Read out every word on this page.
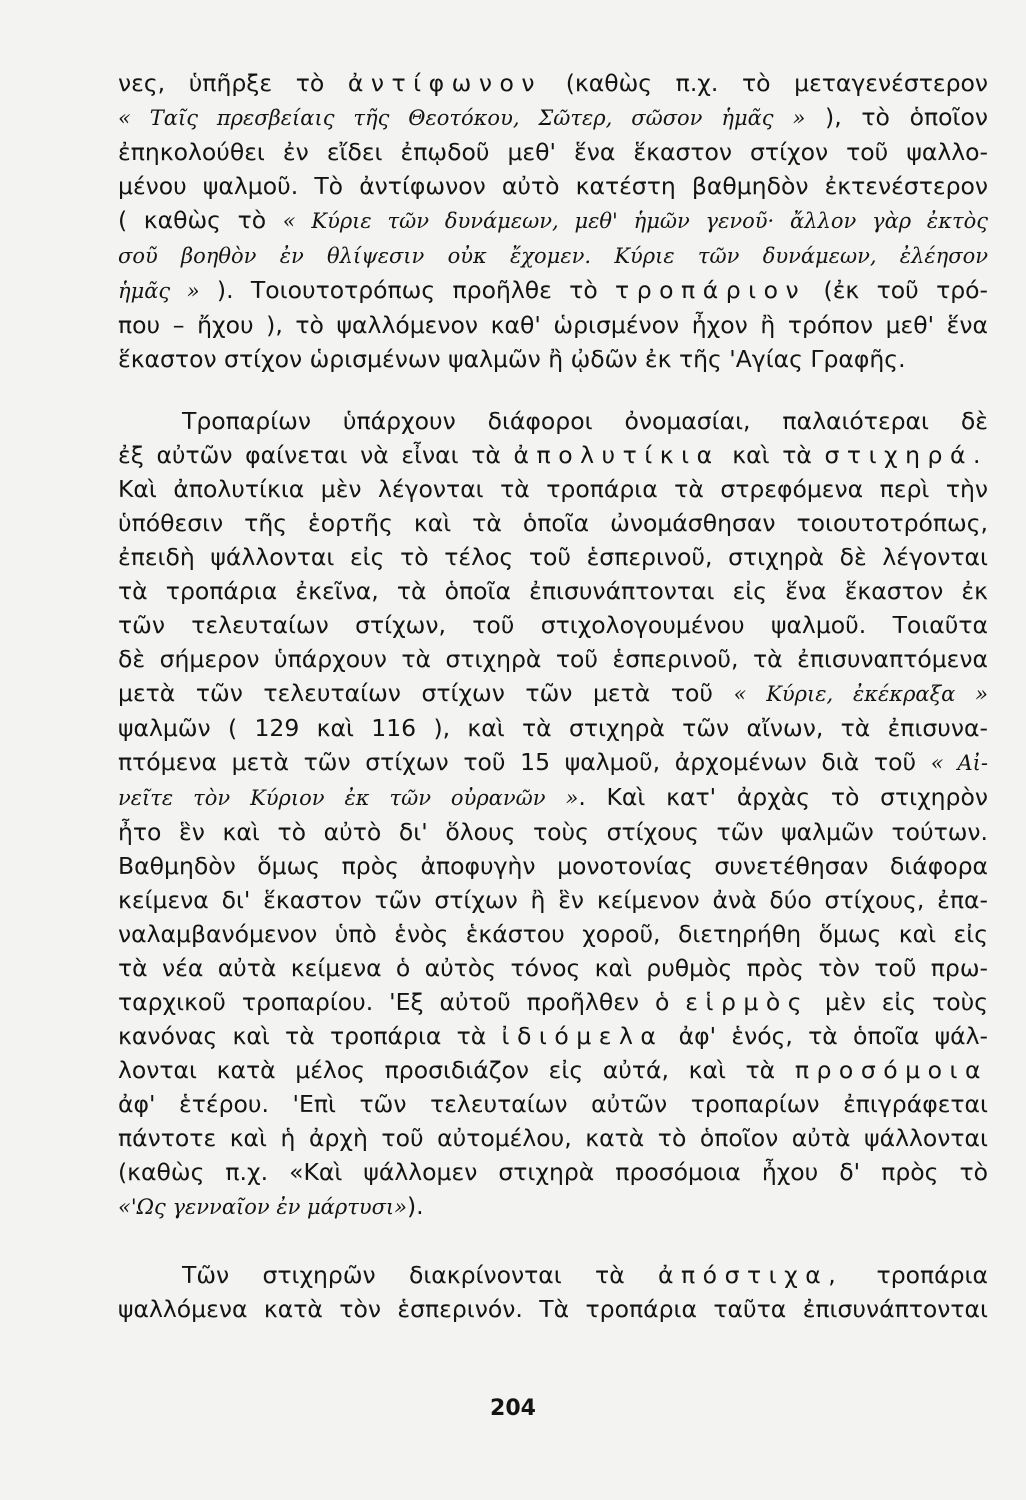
νες, ὑπῆρξε τὸ ἀντίφωνον (καθὼς π.χ. τὸ μεταγενέστερον
« Ταῖς πρεσβείαις τῆς Θεοτόκου, Σῶτερ, σῶσον ἡμᾶς » ), τὸ ὁποῖον
ἐπηκολούθει ἐν εἴδει ἐπῳδοῦ μεθ' ἕνα ἕκαστον στίχον τοῦ ψαλλο-
μένου ψαλμοῦ. Τὸ ἀντίφωνον αὐτὸ κατέστη βαθμηδὸν ἐκτενέστερον
( καθὼς τὸ « Κύριε τῶν δυνάμεων, μεθ' ἡμῶν γενοῦ· ἄλλον γὰρ ἐκτὸς
σοῦ βοηθὸν ἐν θλίψεσιν οὐκ ἔχομεν. Κύριε τῶν δυνάμεων, ἐλέησον
ἡμᾶς » ). Τοιουτοτρόπως προῆλθε τὸ τροπάριον (ἐκ τοῦ τρό-
που – ἤχου ), τὸ ψαλλόμενον καθ' ὡρισμένον ἦχον ἢ τρόπον μεθ' ἕνα
ἕκαστον στίχον ὡρισμένων ψαλμῶν ἢ ᾠδῶν ἐκ τῆς 'Αγίας Γραφῆς.
Τροπαρίων ὑπάρχουν διάφοροι ὀνομασίαι, παλαιότεραι δὲ
ἐξ αὐτῶν φαίνεται νὰ εἶναι τὰ ἀπολυτίκια καὶ τὰ στιχηρά.
Καὶ ἀπολυτίκια μὲν λέγονται τὰ τροπάρια τὰ στρεφόμενα περὶ τὴν
ὑπόθεσιν τῆς ἑορτῆς καὶ τὰ ὁποῖα ὠνομάσθησαν τοιουτοτρόπως,
ἐπειδὴ ψάλλονται εἰς τὸ τέλος τοῦ ἑσπερινοῦ, στιχηρὰ δὲ λέγονται
τὰ τροπάρια ἐκεῖνα, τὰ ὁποῖα ἐπισυνάπτονται εἰς ἕνα ἕκαστον ἐκ
τῶν τελευταίων στίχων, τοῦ στιχολογουμένου ψαλμοῦ. Τοιαῦτα
δὲ σήμερον ὑπάρχουν τὰ στιχηρὰ τοῦ ἑσπερινοῦ, τὰ ἐπισυναπτόμενα
μετὰ τῶν τελευταίων στίχων τῶν μετὰ τοῦ « Κύριε, ἐκέκραξα »
ψαλμῶν ( 129 καὶ 116 ), καὶ τὰ στιχηρὰ τῶν αἴνων, τὰ ἐπισυνα-
πτόμενα μετὰ τῶν στίχων τοῦ 15 ψαλμοῦ, ἀρχομένων διὰ τοῦ « Αἰ-
νεῖτε τὸν Κύριον ἐκ τῶν οὐρανῶν ». Καὶ κατ' ἀρχὰς τὸ στιχηρὸν
ἦτο ἓν καὶ τὸ αὐτὸ δι' ὅλους τοὺς στίχους τῶν ψαλμῶν τούτων.
Βαθμηδὸν ὅμως πρὸς ἀποφυγὴν μονοτονίας συνετέθησαν διάφορα
κείμενα δι' ἕκαστον τῶν στίχων ἢ ἓν κείμενον ἀνὰ δύο στίχους, ἐπα-
ναλαμβανόμενον ὑπὸ ἑνὸς ἑκάστου χοροῦ, διετηρήθη ὅμως καὶ εἰς
τὰ νέα αὐτὰ κείμενα ὁ αὐτὸς τόνος καὶ ρυθμὸς πρὸς τὸν τοῦ πρω-
ταρχικοῦ τροπαρίου. 'Εξ αὐτοῦ προῆλθεν ὁ εἱρμὸς μὲν εἰς τοὺς
κανόνας καὶ τὰ τροπάρια τὰ ἰδιόμελα ἀφ' ἑνός, τὰ ὁποῖα ψάλ-
λονται κατὰ μέλος προσιδιάζον εἰς αὐτά, καὶ τὰ προσόμοια
ἀφ' ἑτέρου. 'Επὶ τῶν τελευταίων αὐτῶν τροπαρίων ἐπιγράφεται
πάντοτε καὶ ἡ ἀρχὴ τοῦ αὐτομέλου, κατὰ τὸ ὁποῖον αὐτὰ ψάλλονται
(καθὼς π.χ. «Καὶ ψάλλομεν στιχηρὰ προσόμοια ἦχου δ' πρὸς τὸ
«'Ως γενναῖον ἐν μάρτυσι»).
Τῶν στιχηρῶν διακρίνονται τὰ ἀπόστιχα, τροπάρια
ψαλλόμενα κατὰ τὸν ἑσπερινόν. Τὰ τροπάρια ταῦτα ἐπισυνάπτονται
204
